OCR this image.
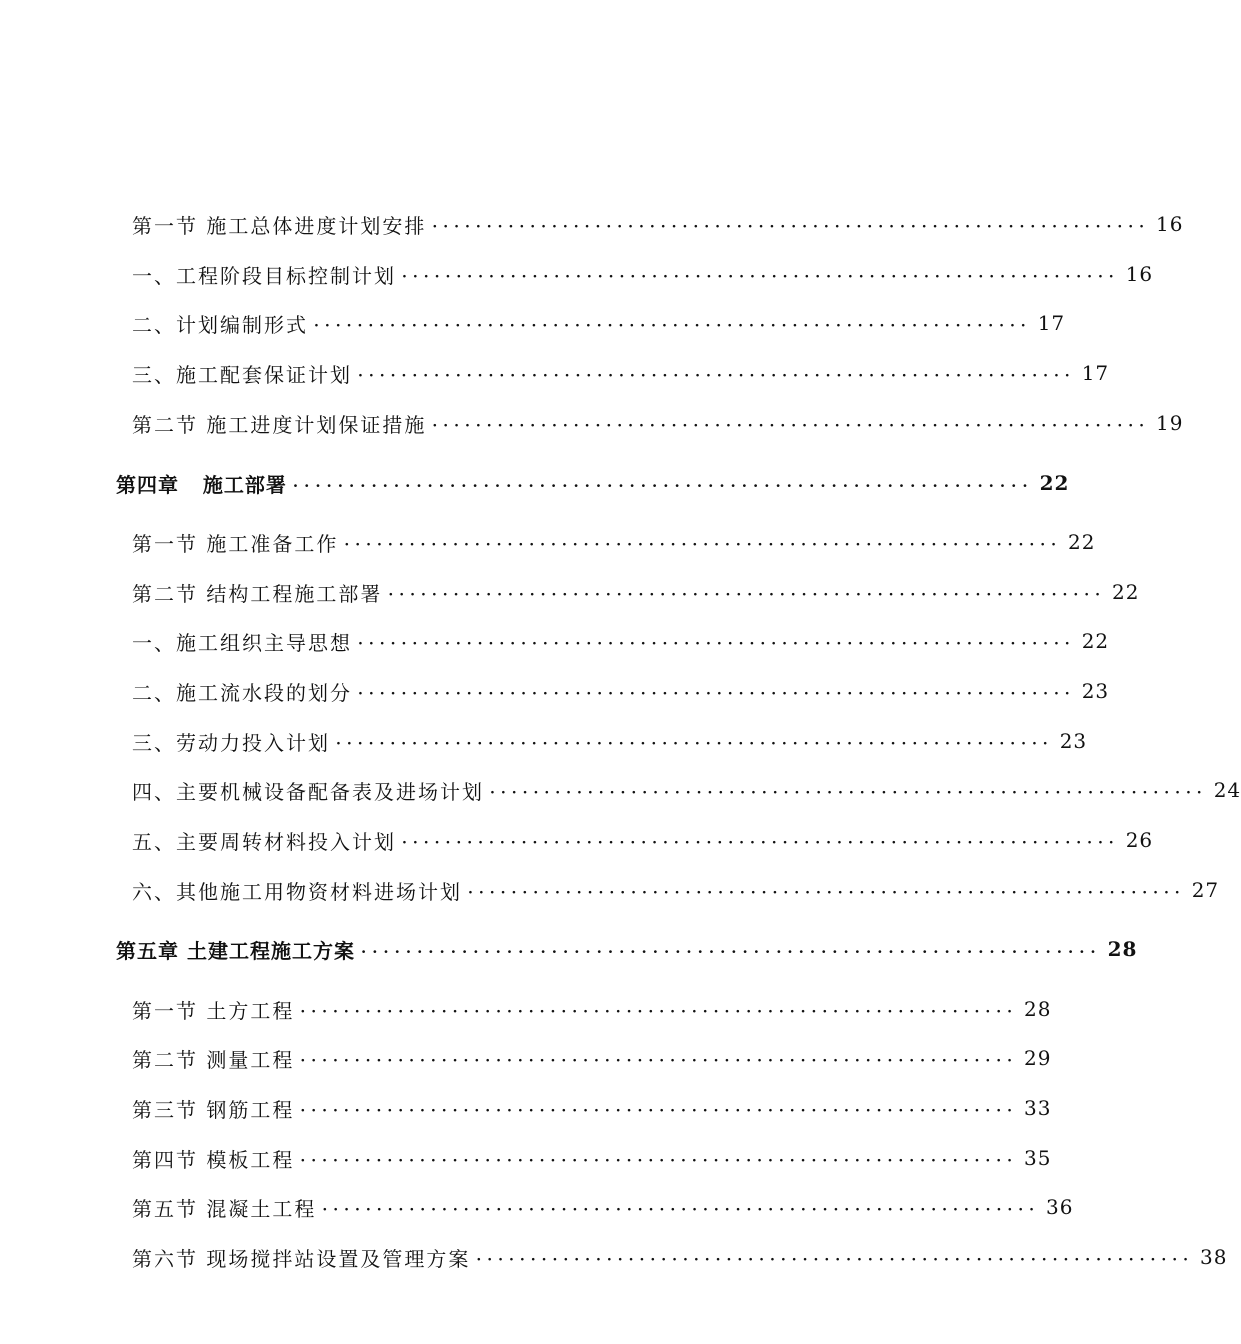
第一节 施工总体进度计划安排 ·································································· 16
一、工程阶段目标控制计划 ·································································· 16
二、计划编制形式 ·································································· 17
三、施工配套保证计划 ·································································· 17
第二节 施工进度计划保证措施 ·································································· 19
第四章   施工部署 ·································································· 22
第一节 施工准备工作 ·································································· 22
第二节 结构工程施工部署 ·································································· 22
一、施工组织主导思想 ·································································· 22
二、施工流水段的划分 ·································································· 23
三、劳动力投入计划 ·································································· 23
四、主要机械设备配备表及进场计划 ·································································· 24
五、主要周转材料投入计划 ·································································· 26
六、其他施工用物资材料进场计划 ·································································· 27
第五章 土建工程施工方案 ·································································· 28
第一节 土方工程 ·································································· 28
第二节 测量工程 ·································································· 29
第三节 钢筋工程 ·································································· 33
第四节 模板工程 ·································································· 35
第五节 混凝土工程 ·································································· 36
第六节 现场搅拌站设置及管理方案 ·································································· 38
